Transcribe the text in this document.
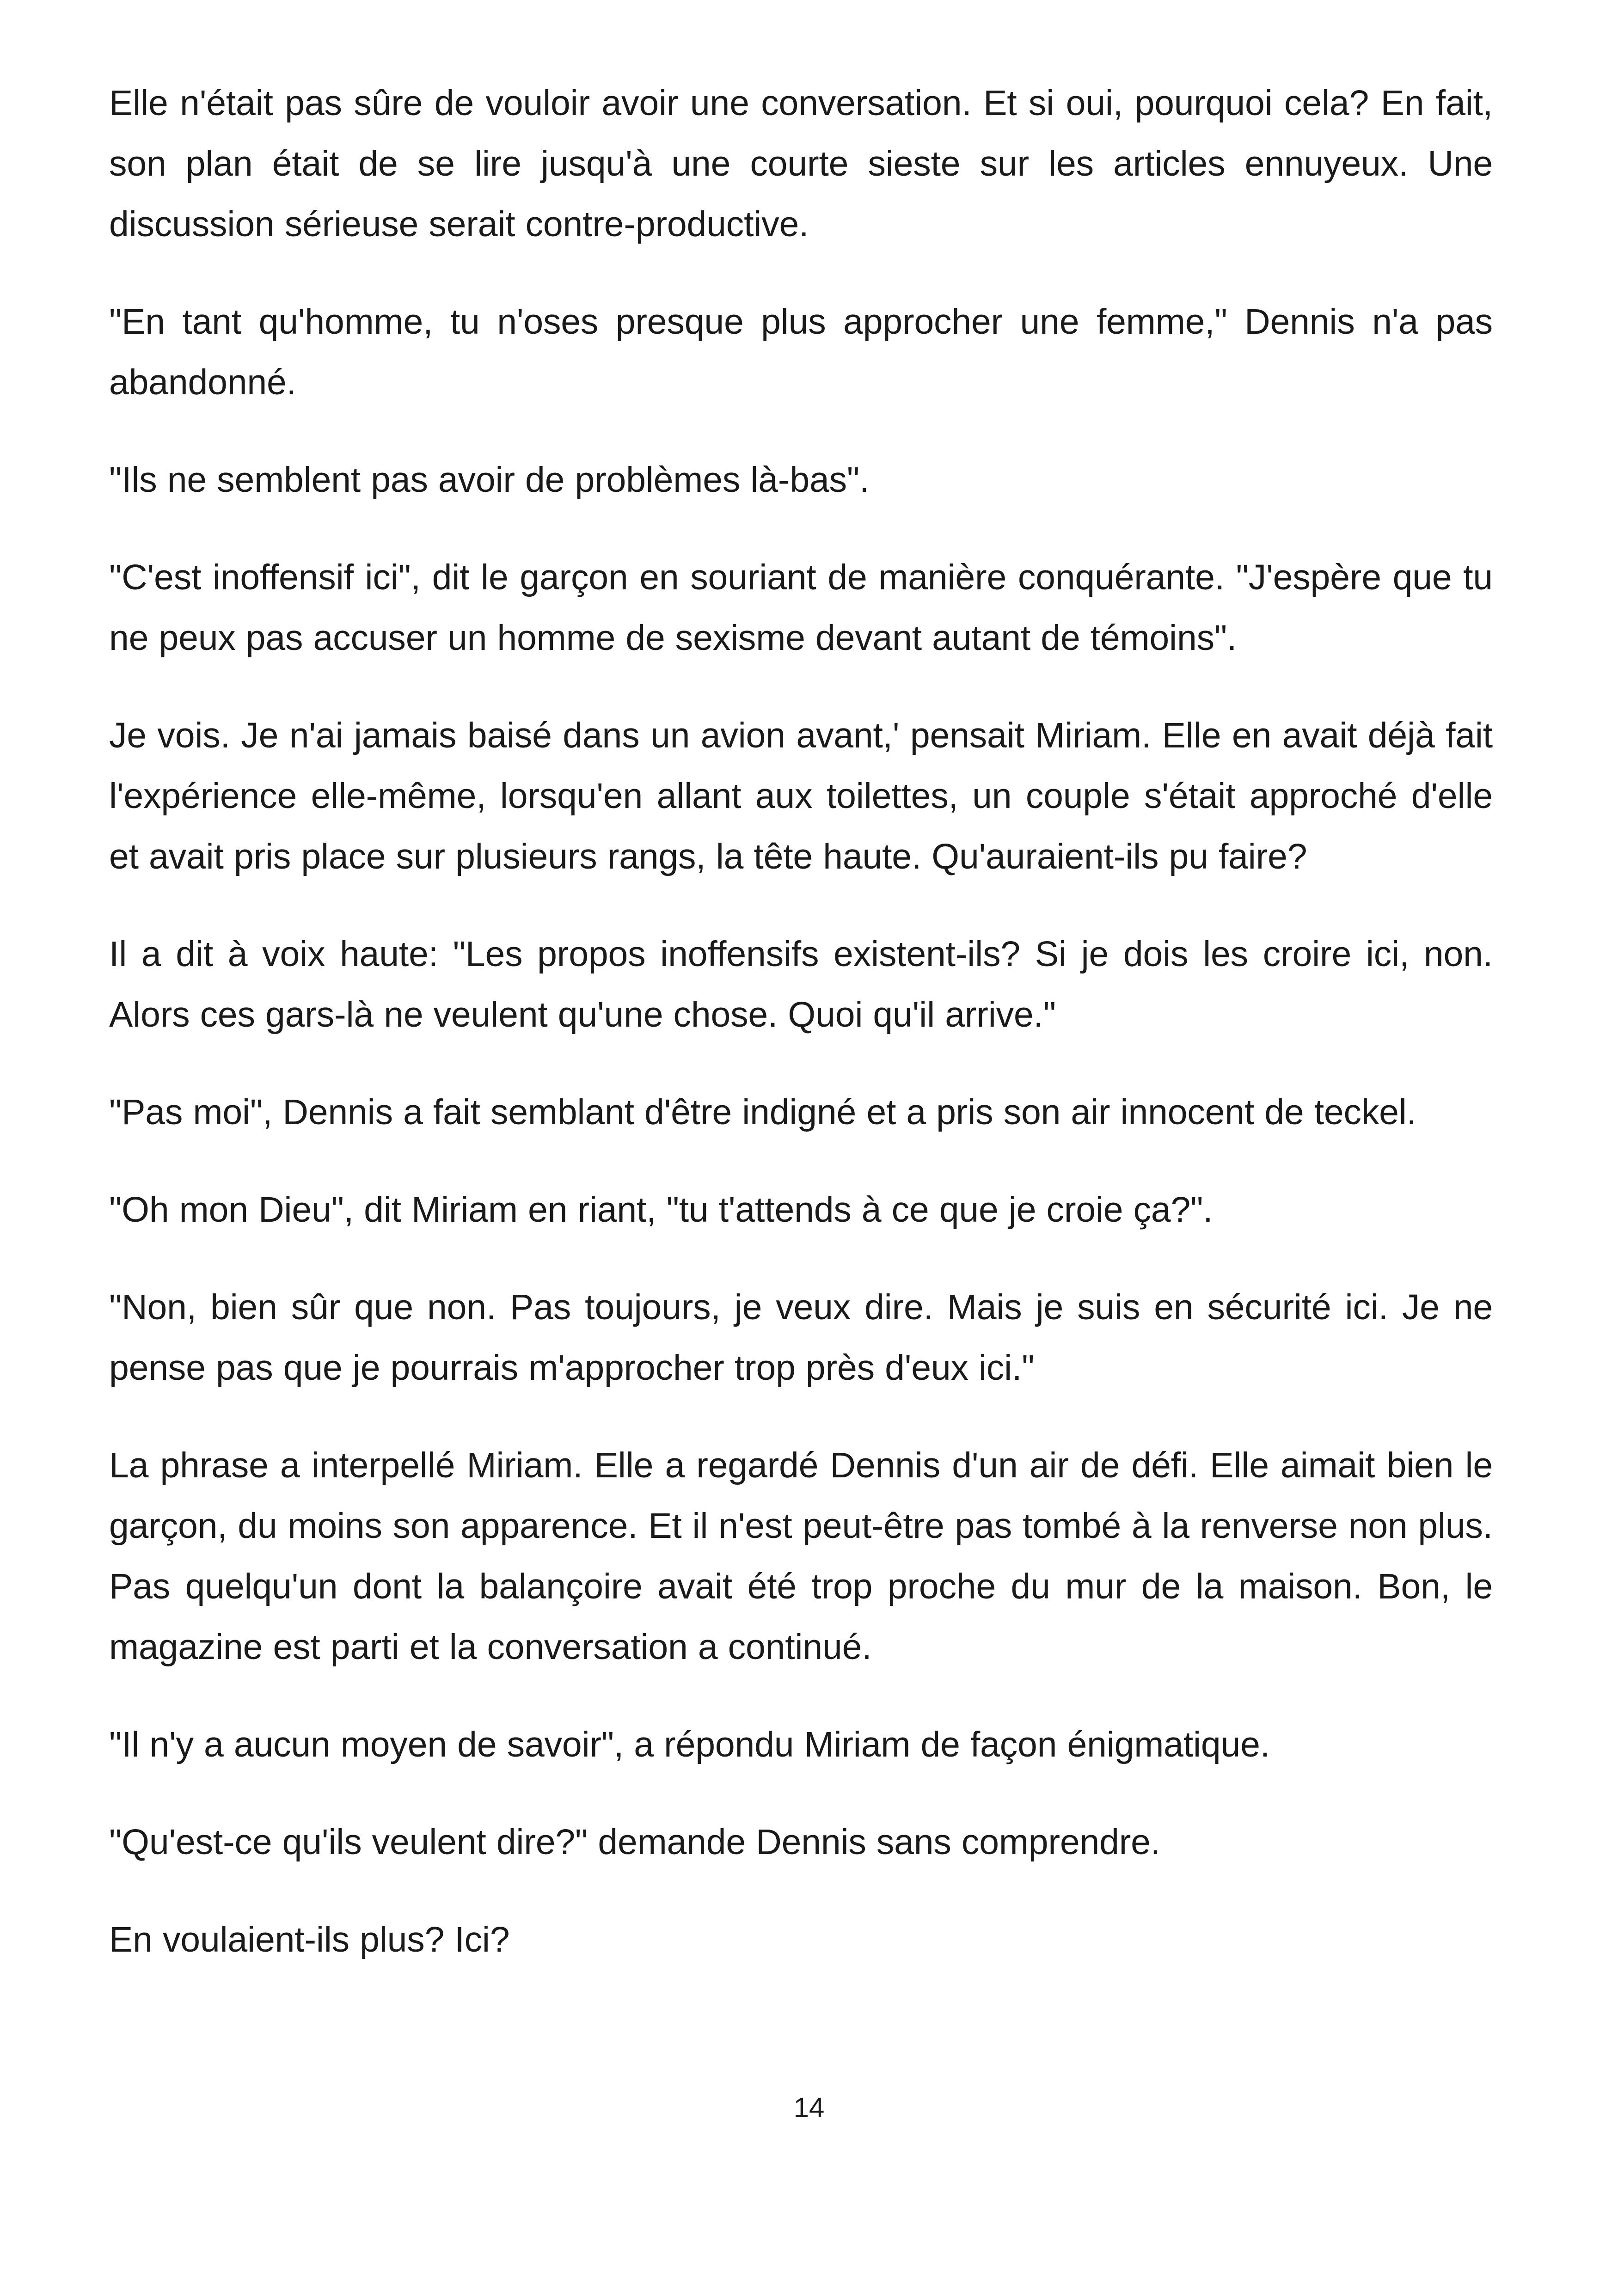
Elle n'était pas sûre de vouloir avoir une conversation. Et si oui, pourquoi cela? En fait, son plan était de se lire jusqu'à une courte sieste sur les articles ennuyeux. Une discussion sérieuse serait contre-productive.

"En tant qu'homme, tu n'oses presque plus approcher une femme," Dennis n'a pas abandonné.

"Ils ne semblent pas avoir de problèmes là-bas".

"C'est inoffensif ici", dit le garçon en souriant de manière conquérante. "J'espère que tu ne peux pas accuser un homme de sexisme devant autant de témoins".

Je vois. Je n'ai jamais baisé dans un avion avant,' pensait Miriam. Elle en avait déjà fait l'expérience elle-même, lorsqu'en allant aux toilettes, un couple s'était approché d'elle et avait pris place sur plusieurs rangs, la tête haute. Qu'auraient-ils pu faire?

Il a dit à voix haute: "Les propos inoffensifs existent-ils? Si je dois les croire ici, non. Alors ces gars-là ne veulent qu'une chose. Quoi qu'il arrive."

"Pas moi", Dennis a fait semblant d'être indigné et a pris son air innocent de teckel.

"Oh mon Dieu", dit Miriam en riant, "tu t'attends à ce que je croie ça?".

"Non, bien sûr que non. Pas toujours, je veux dire. Mais je suis en sécurité ici. Je ne pense pas que je pourrais m'approcher trop près d'eux ici."

La phrase a interpellé Miriam. Elle a regardé Dennis d'un air de défi. Elle aimait bien le garçon, du moins son apparence. Et il n'est peut-être pas tombé à la renverse non plus. Pas quelqu'un dont la balançoire avait été trop proche du mur de la maison. Bon, le magazine est parti et la conversation a continué.

"Il n'y a aucun moyen de savoir", a répondu Miriam de façon énigmatique.

"Qu'est-ce qu'ils veulent dire?" demande Dennis sans comprendre.

En voulaient-ils plus? Ici?

14
